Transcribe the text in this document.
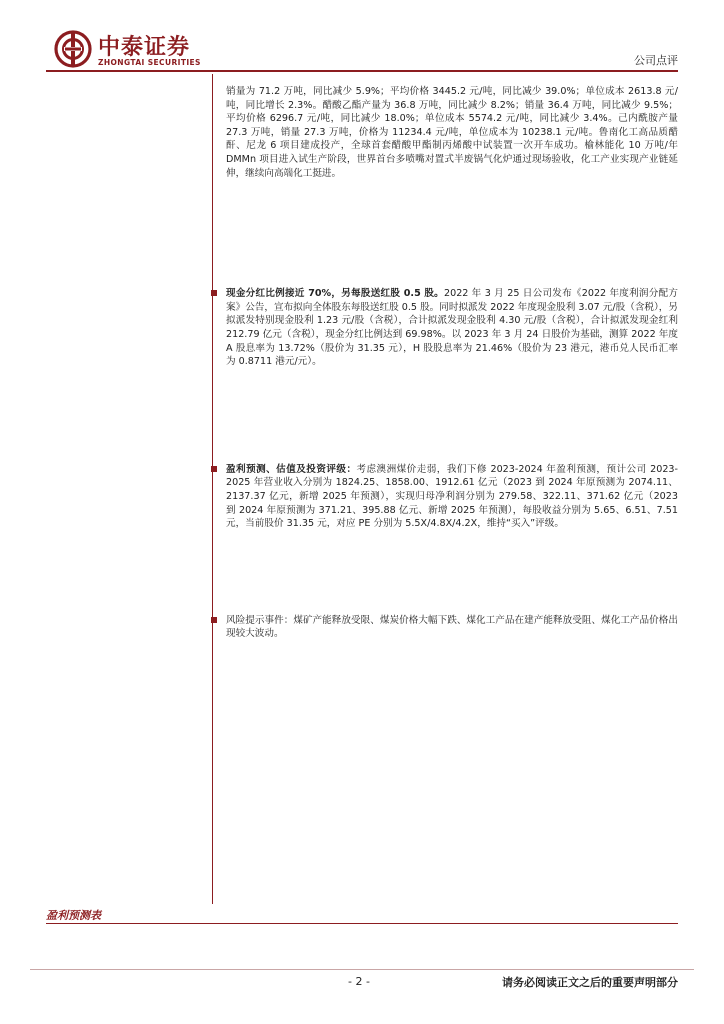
中泰证券
ZHONGTAI SECURITIES	公司点评
销量为 71.2 万吨，同比减少 5.9%；平均价格 3445.2 元/吨，同比减少 39.0%；单位成本 2613.8 元/吨，同比增长 2.3%。醋酸乙酯产量为 36.8 万吨，同比减少 8.2%；销量 36.4 万吨，同比减少 9.5%；平均价格 6296.7 元/吨，同比减少 18.0%；单位成本 5574.2 元/吨，同比减少 3.4%。己内酰胺产量 27.3 万吨，销量 27.3 万吨，价格为 11234.4 元/吨，单位成本为 10238.1 元/吨。鲁南化工高品质醋酐、尼龙 6 项目建成投产，全球首套醋酸甲酯制丙烯酸中试装置一次开车成功。榆林能化 10 万吨/年 DMMn 项目进入试生产阶段，世界首台多喷嘴对置式半废锅气化炉通过现场验收，化工产业实现产业链延伸，继续向高端化工挺进。
现金分红比例接近 70%，另每股送红股 0.5 股。2022 年 3 月 25 日公司发布《2022 年度利润分配方案》公告，宣布拟向全体股东每股送红股 0.5 股。同时拟派发 2022 年度现金股利 3.07 元/股（含税），另拟派发特别现金股利 1.23 元/股（含税），合计拟派发现金股利 4.30 元/股（含税），合计拟派发现金红利 212.79 亿元（含税），现金分红比例达到 69.98%。以 2023 年 3 月 24 日股价为基础，测算 2022 年度 A 股息率为 13.72%（股价为 31.35 元），H 股股息率为 21.46%（股价为 23 港元，港币兑人民币汇率为 0.8711 港元/元）。
盈利预测、估值及投资评级：考虑澳洲煤价走弱，我们下修 2023-2024 年盈利预测，预计公司 2023-2025 年营业收入分别为 1824.25、1858.00、1912.61 亿元（2023 到 2024 年原预测为 2074.11、2137.37 亿元，新增 2025 年预测），实现归母净利润分别为 279.58、322.11、371.62 亿元（2023 到 2024 年原预测为 371.21、395.88 亿元、新增 2025 年预测），每股收益分别为 5.65、6.51、7.51 元，当前股价 31.35 元，对应 PE 分别为 5.5X/4.8X/4.2X，维持“买入”评级。
风险提示事件：煤矿产能释放受限、煤炭价格大幅下跌、煤化工产品在建产能释放受阻、煤化工产品价格出现较大波动。
盈利预测表
- 2 -	请务必阅读正文之后的重要声明部分
